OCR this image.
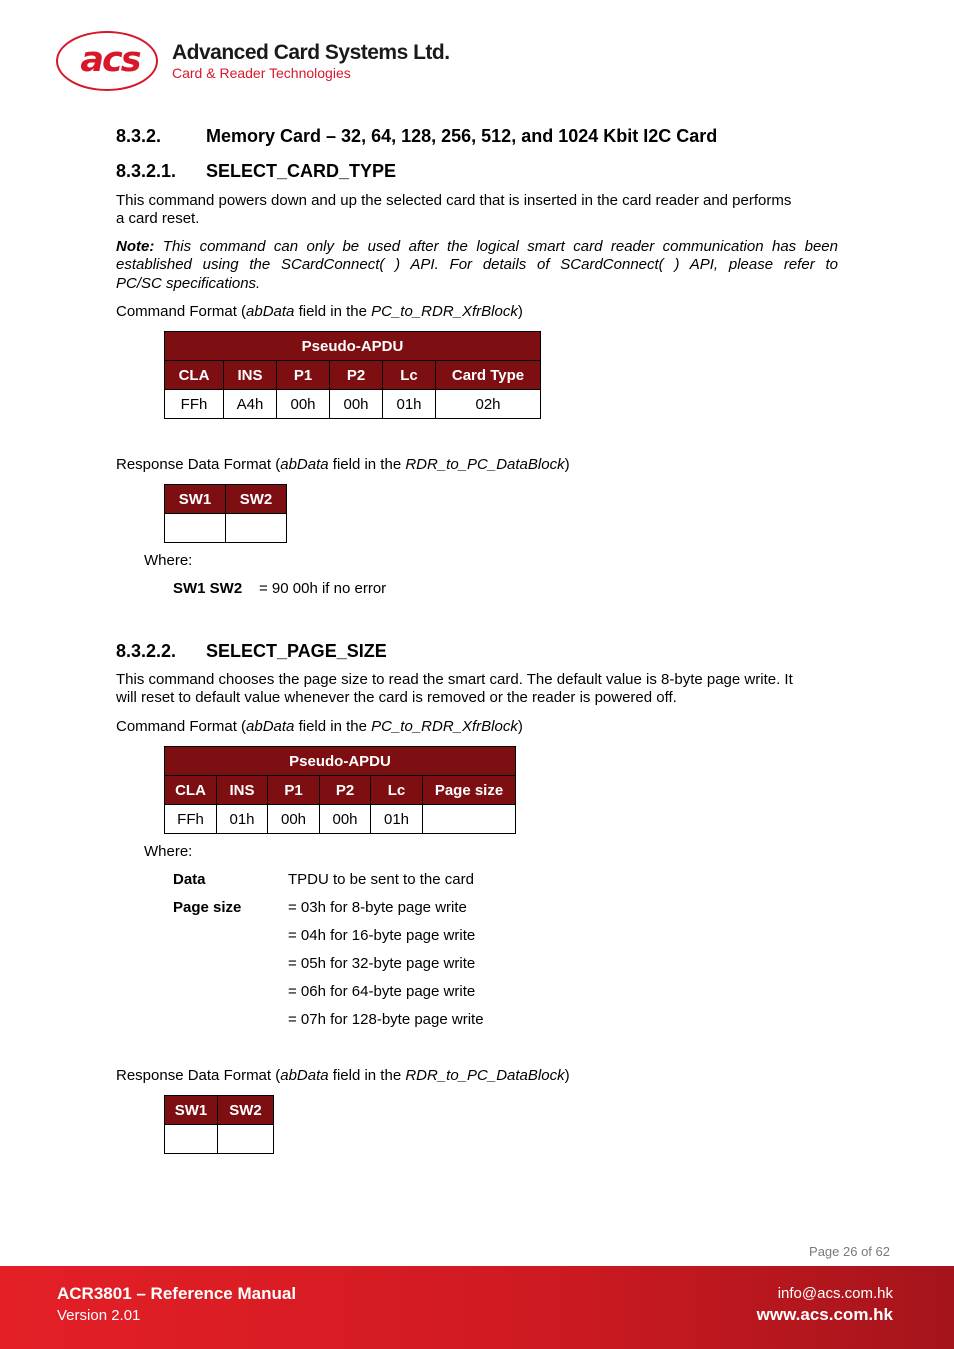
acs	Advanced Card Systems Ltd.
Card & Reader Technologies
8.3.2. Memory Card – 32, 64, 128, 256, 512, and 1024 Kbit I2C Card
8.3.2.1. SELECT_CARD_TYPE
This command powers down and up the selected card that is inserted in the card reader and performs
a card reset.
Note: This command can only be used after the logical smart card reader communication has been
established using the SCardConnect( ) API. For details of SCardConnect( ) API, please refer to
PC/SC specifications.
Command Format (abData field in the PC_to_RDR_XfrBlock)
Pseudo-APDU					
CLA	INS	P1	P2	Lc	Card Type
FFh	A4h	00h	00h	01h	02h
Response Data Format (abData field in the RDR_to_PC_DataBlock)
SW1	SW2

Where:
SW1 SW2 = 90 00h if no error
8.3.2.2. SELECT_PAGE_SIZE
This command chooses the page size to read the smart card. The default value is 8-byte page write. It
will reset to default value whenever the card is removed or the reader is powered off.
Command Format (abData field in the PC_to_RDR_XfrBlock)
Pseudo-APDU					
CLA	INS	P1	P2	Lc	Page size
FFh	01h	00h	00h	01h	
Where:
Data	TPDU to be sent to the card
Page size	= 03h for 8-byte page write
= 04h for 16-byte page write
= 05h for 32-byte page write
= 06h for 64-byte page write
= 07h for 128-byte page write
Response Data Format (abData field in the RDR_to_PC_DataBlock)
SW1	SW2

Page 26 of 62
ACR3801 – Reference Manual
Version 2.01
info@acs.com.hk
www.acs.com.hk
